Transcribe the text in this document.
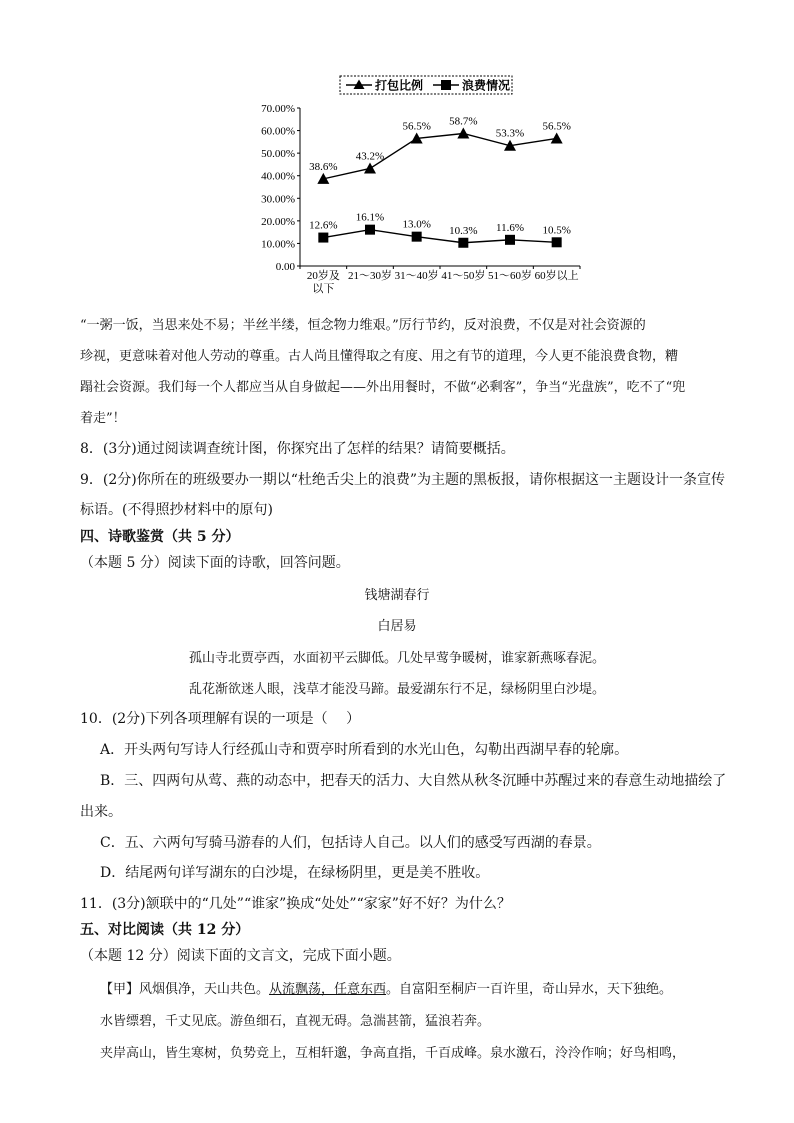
打包比例	浪费情况
0.00
10.00%
20.00%
30.00%
40.00%
50.00%
60.00%
70.00%
20岁及
以下
21～30岁 31～40岁 41～50岁 51～60岁 60岁以上
38.6%
43.2%
56.5% 58.7%
53.3%
56.5%
12.6%
16.1%
13.0%
10.3% 11.6% 10.5%
“一粥一饭，当思来处不易；半丝半缕，恒念物力维艰。”厉行节约，反对浪费，不仅是对社会资源的
珍视，更意味着对他人劳动的尊重。古人尚且懂得取之有度、用之有节的道理，今人更不能浪费食物，糟
蹋社会资源。我们每一个人都应当从自身做起——外出用餐时，不做“必剩客”，争当“光盘族”，吃不了“兜
着走”！
8．(3分)通过阅读调查统计图，你探究出了怎样的结果？请简要概括。
9．(2分)你所在的班级要办一期以“杜绝舌尖上的浪费”为主题的黑板报，请你根据这一主题设计一条宣传
标语。(不得照抄材料中的原句)
四、诗歌鉴赏（共 5 分）
（本题 5 分）阅读下面的诗歌，回答问题。
钱塘湖春行
白居易
孤山寺北贾亭西，水面初平云脚低。几处早莺争暖树，谁家新燕啄春泥。
乱花渐欲迷人眼，浅草才能没马蹄。最爱湖东行不足，绿杨阴里白沙堤。
10．(2分)下列各项理解有误的一项是（　 ）
A．开头两句写诗人行经孤山寺和贾亭时所看到的水光山色，勾勒出西湖早春的轮廓。
B．三、四两句从莺、燕的动态中，把春天的活力、大自然从秋冬沉睡中苏醒过来的春意生动地描绘了
出来。
C．五、六两句写骑马游春的人们，包括诗人自己。以人们的感受写西湖的春景。
D．结尾两句详写湖东的白沙堤，在绿杨阴里，更是美不胜收。
11．(3分)颔联中的“几处”“谁家”换成“处处”“家家”好不好？为什么？
五、对比阅读（共 12 分）
（本题 12 分）阅读下面的文言文，完成下面小题。
【甲】风烟俱净，天山共色。从流飘荡，任意东西。自富阳至桐庐一百许里，奇山异水，天下独绝。
水皆缥碧，千丈见底。游鱼细石，直视无碍。急湍甚箭，猛浪若奔。
夹岸高山，皆生寒树，负势竞上，互相轩邈，争高直指，千百成峰。泉水激石，泠泠作响；好鸟相鸣，
